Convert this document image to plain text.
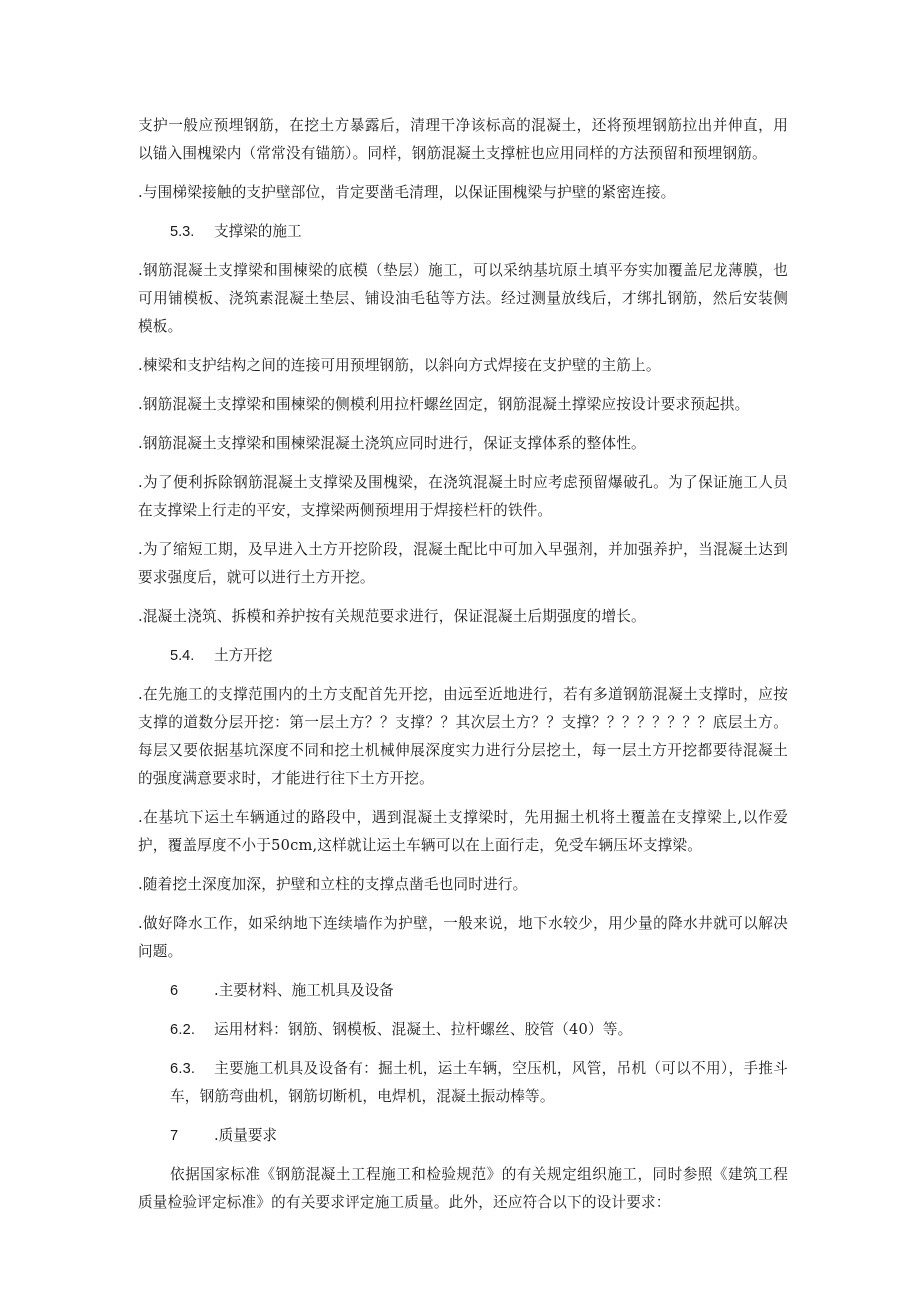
支护一般应预埋钢筋，在挖土方暴露后，清理干净该标高的混凝土，还将预埋钢筋拉出并伸直，用以锚入围槐梁内（常常没有锚筋）。同样，钢筋混凝土支撑桩也应用同样的方法预留和预埋钢筋。

.与围梯梁接触的支护壁部位，肯定要凿毛清理，以保证围槐梁与护壁的紧密连接。

5.3. 支撑梁的施工

.钢筋混凝土支撑梁和围楝梁的底模（垫层）施工，可以采纳基坑原土填平夯实加覆盖尼龙薄膜，也可用铺模板、浇筑素混凝土垫层、铺设油毛毡等方法。经过测量放线后，才绑扎钢筋，然后安装侧模板。

.楝梁和支护结构之间的连接可用预埋钢筋，以斜向方式焊接在支护壁的主筋上。

.钢筋混凝土支撑梁和围楝梁的侧模利用拉杆螺丝固定，钢筋混凝土撑梁应按设计要求预起拱。

.钢筋混凝土支撑梁和围楝梁混凝土浇筑应同时进行，保证支撑体系的整体性。

.为了便利拆除钢筋混凝土支撑梁及围槐梁，在浇筑混凝土时应考虑预留爆破孔。为了保证施工人员在支撑梁上行走的平安，支撑梁两侧预埋用于焊接栏杆的铁件。

.为了缩短工期，及早进入土方开挖阶段，混凝土配比中可加入早强剂，并加强养护，当混凝土达到要求强度后，就可以进行土方开挖。

.混凝土浇筑、拆模和养护按有关规范要求进行，保证混凝土后期强度的增长。

5.4. 土方开挖

.在先施工的支撑范围内的土方支配首先开挖，由远至近地进行，若有多道钢筋混凝土支撑时，应按支撑的道数分层开挖：第一层土方？？支撑？？其次层土方？？支撑？？？？？？？？底层土方。每层又要依据基坑深度不同和挖土机械伸展深度实力进行分层挖土，每一层土方开挖都要待混凝土的强度满意要求时，才能进行往下土方开挖。

.在基坑下运土车辆通过的路段中，遇到混凝土支撑梁时，先用掘土机将土覆盖在支撑梁上,以作爱护，覆盖厚度不小于50cm,这样就让运土车辆可以在上面行走，免受车辆压坏支撑梁。

.随着挖土深度加深，护壁和立柱的支撑点凿毛也同时进行。

.做好降水工作，如采纳地下连续墙作为护壁，一般来说，地下水较少，用少量的降水井就可以解决问题。

6 .主要材料、施工机具及设备
6.2. 运用材料：钢筋、钢模板、混凝土、拉杆螺丝、胶管（40）等。
6.3. 主要施工机具及设备有：掘土机，运土车辆，空压机，风管，吊机（可以不用），手推斗车，钢筋弯曲机，钢筋切断机，电焊机，混凝土振动棒等。
7 .质量要求

依据国家标准《钢筋混凝土工程施工和检验规范》的有关规定组织施工，同时参照《建筑工程质量检验评定标准》的有关要求评定施工质量。此外，还应符合以下的设计要求：
